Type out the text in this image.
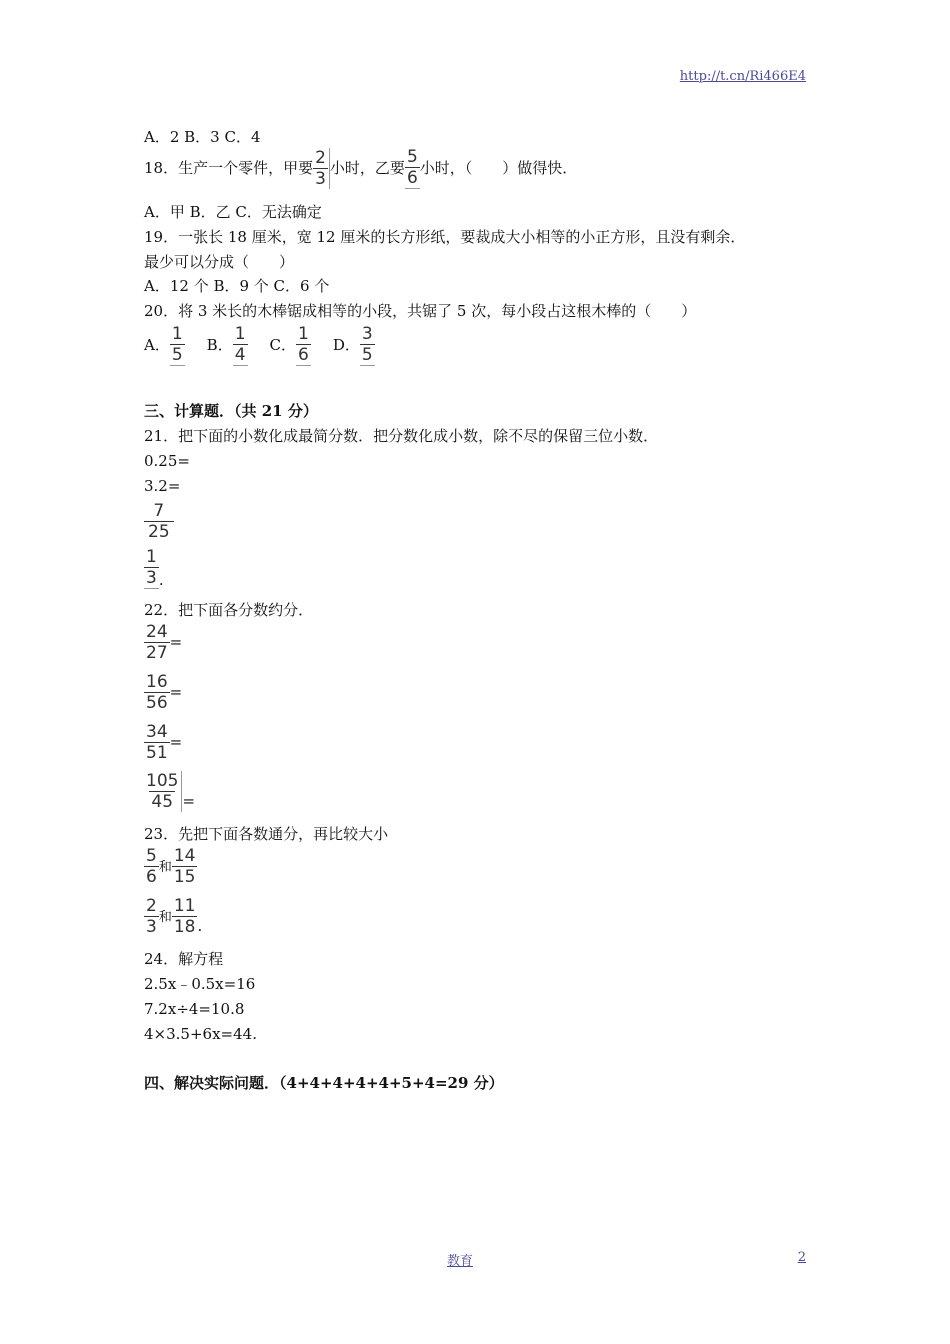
http://t.cn/Ri466E4
A．2 B．3 C．4
18．生产一个零件，甲要 $\frac{2}{3}$ 小时，乙要 $\frac{5}{6}$ 小时，（　　）做得快．
A．甲 B．乙 C．无法确定
19．一张长 18 厘米，宽 12 厘米的长方形纸，要裁成大小相等的小正方形，且没有剩余．
最少可以分成（　　）
A．12 个 B．9 个 C．6 个
20．将 3 米长的木棒锯成相等的小段，共锯了 5 次，每小段占这根木棒的（　　）
A． $\frac{1}{5}$ B． $\frac{1}{4}$ C． $\frac{1}{6}$ D． $\frac{3}{5}$
三、计算题．（共 21 分）
21．把下面的小数化成最简分数．把分数化成小数，除不尽的保留三位小数．
0.25=
3.2=
$\frac{7}{25}$
$\frac{1}{3}$ .
22．把下面各分数约分．
$\frac{24}{27}$ =
$\frac{16}{56}$ =
$\frac{34}{51}$ =
$\frac{105}{45}$ =
23．先把下面各数通分，再比较大小
$\frac{5}{6}$ 和 $\frac{14}{15}$
$\frac{2}{3}$ 和 $\frac{11}{18}$ .
24．解方程
2.5x﹣0.5x=16
7.2x÷4=10.8
4×3.5+6x=44.
四、解决实际问题．（4+4+4+4+4+5+4=29 分）
教育	2
